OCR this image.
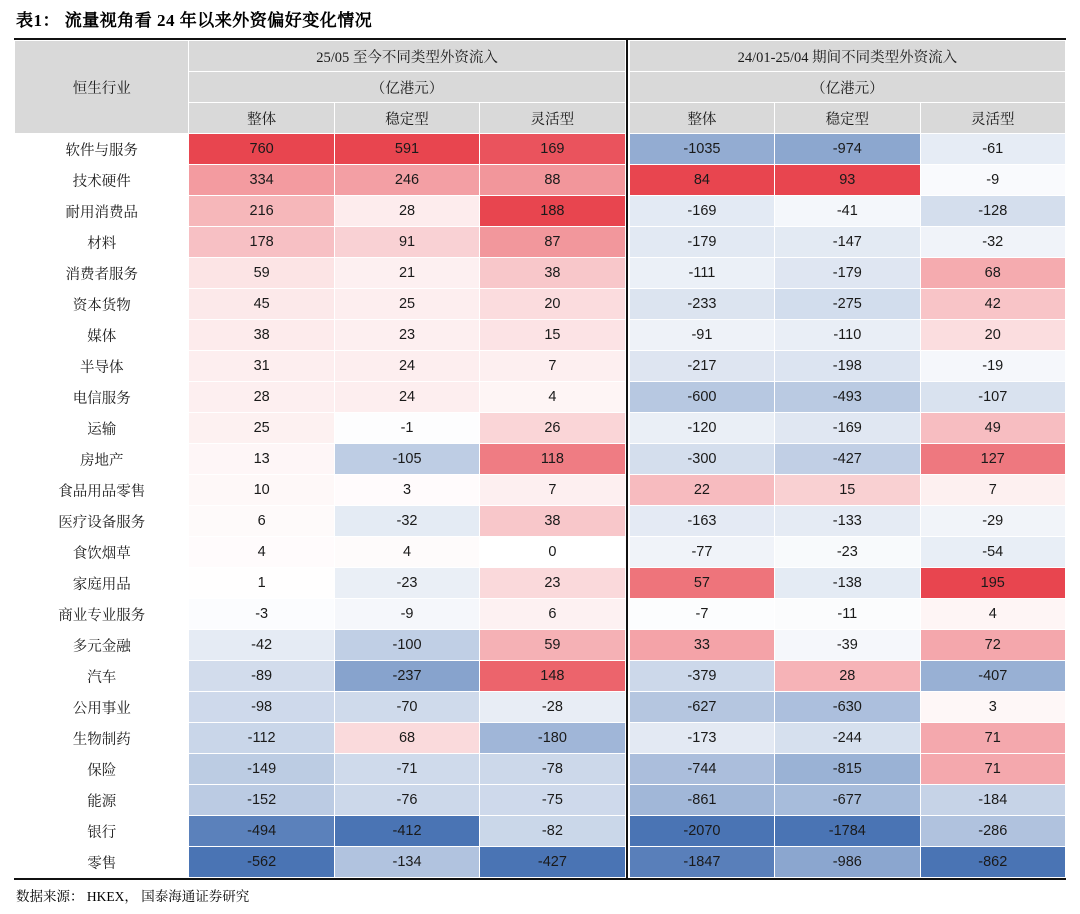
表1： 流量视角看 24 年以来外资偏好变化情况
恒生行业	25/05 至今不同类型外资流入				24/01-25/04 期间不同类型外资流入		
	（亿港元）				（亿港元）		
	整体	稳定型	灵活型		整体	稳定型	灵活型
软件与服务	760	591	169		-1035	-974	-61
技术硬件	334	246	88		84	93	-9
耐用消费品	216	28	188		-169	-41	-128
材料	178	91	87		-179	-147	-32
消费者服务	59	21	38		-111	-179	68
资本货物	45	25	20		-233	-275	42
媒体	38	23	15		-91	-110	20
半导体	31	24	7		-217	-198	-19
电信服务	28	24	4		-600	-493	-107
运输	25	-1	26		-120	-169	49
房地产	13	-105	118		-300	-427	127
食品用品零售	10	3	7		22	15	7
医疗设备服务	6	-32	38		-163	-133	-29
食饮烟草	4	4	0		-77	-23	-54
家庭用品	1	-23	23		57	-138	195
商业专业服务	-3	-9	6		-7	-11	4
多元金融	-42	-100	59		33	-39	72
汽车	-89	-237	148		-379	28	-407
公用事业	-98	-70	-28		-627	-630	3
生物制药	-112	68	-180		-173	-244	71
保险	-149	-71	-78		-744	-815	71
能源	-152	-76	-75		-861	-677	-184
银行	-494	-412	-82		-2070	-1784	-286
零售	-562	-134	-427		-1847	-986	-862
数据来源： HKEX， 国泰海通证券研究
